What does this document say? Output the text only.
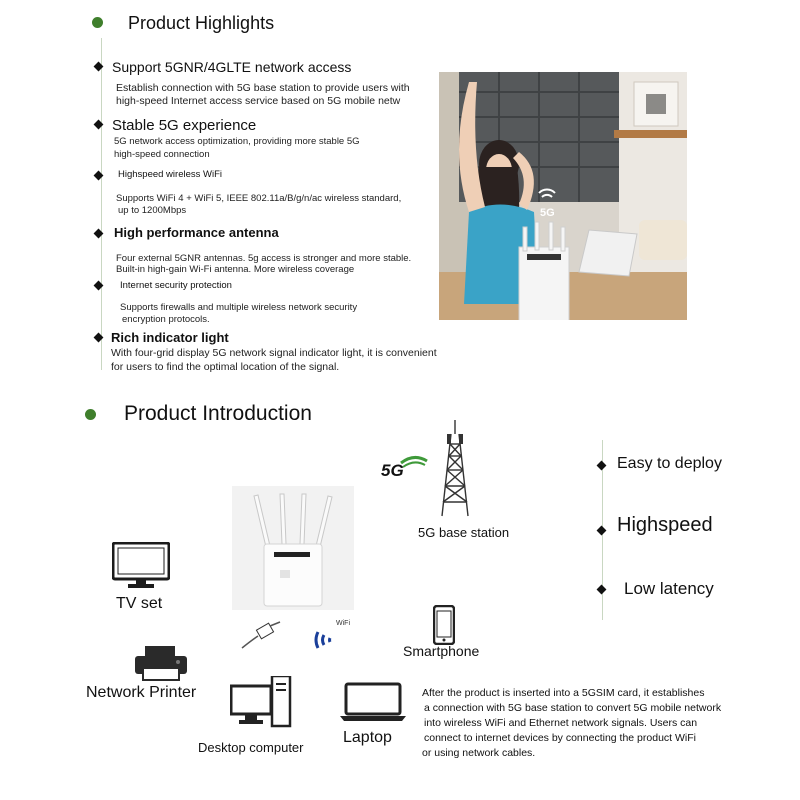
Product Highlights
Support 5GNR/4GLTE network access
Establish connection with 5G base station to provide users with
high-speed Internet access service based on 5G mobile netw
Stable 5G experience
5G network access optimization, providing more stable 5G
high-speed connection
Highspeed wireless WiFi
Supports WiFi 4 + WiFi 5, IEEE 802.11a/B/g/n/ac wireless standard,
up to 1200Mbps
High performance antenna
Four external 5GNR antennas. 5g access is stronger and more stable.
Built-in high-gain Wi-Fi antenna. More wireless coverage
Internet security protection
Supports firewalls and multiple wireless network security
encryption protocols.
Rich indicator light
With four-grid display 5G network signal indicator light, it is convenient
for users to find the optimal location of the signal.
5G
Product Introduction
5G
5G base station
WiFi
TV set
Network Printer
Desktop computer
Laptop
Smartphone
Easy to deploy
Highspeed
Low latency
After the product is inserted into a 5GSIM card, it establishes
a connection with 5G base station to convert 5G mobile network
into wireless WiFi and Ethernet network signals. Users can
connect to internet devices by connecting the product WiFi
or using network cables.
